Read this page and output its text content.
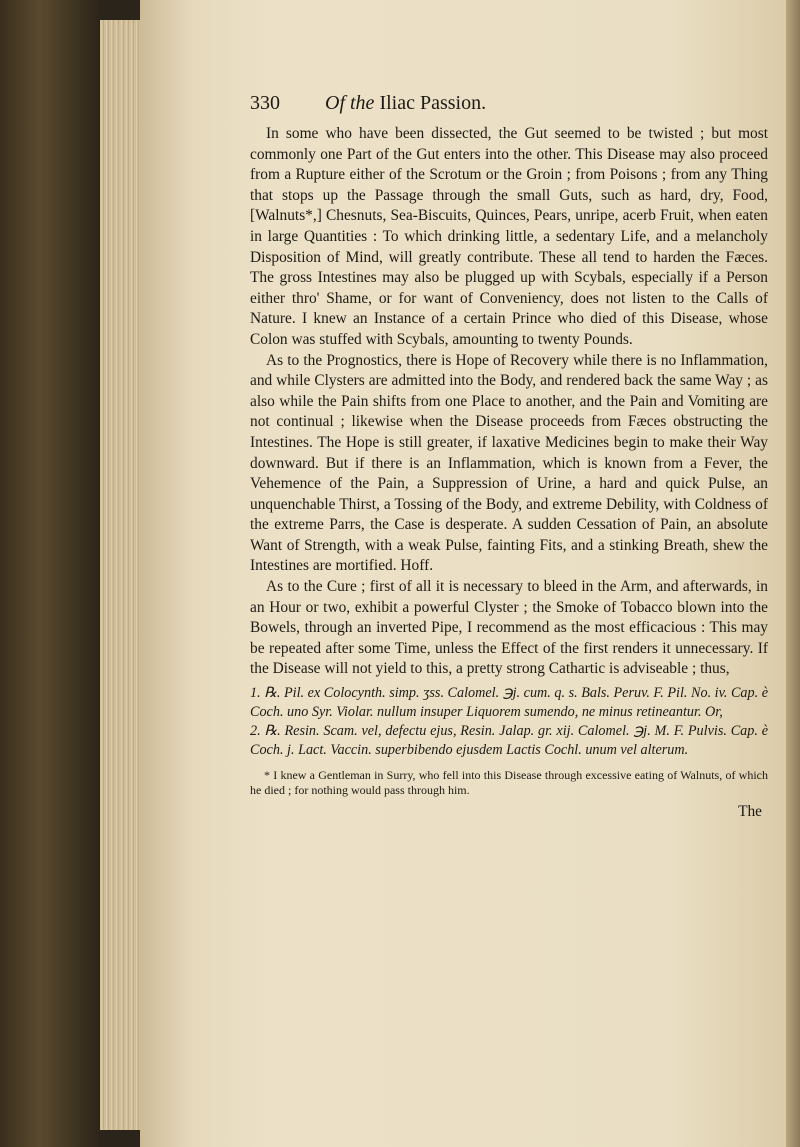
330 Of the Iliac Passion.

In some who have been dissected, the Gut seemed to be twisted ; but most commonly one Part of the Gut enters into the other. This Disease may also proceed from a Rupture either of the Scrotum or the Groin ; from Poisons ; from any Thing that stops up the Passage through the small Guts, such as hard, dry, Food, [Walnuts*,] Chesnuts, Sea-Biscuits, Quinces, Pears, unripe, acerb Fruit, when eaten in large Quantities : To which drinking little, a sedentary Life, and a melancholy Disposition of Mind, will greatly contribute. These all tend to harden the Fæces. The gross Intestines may also be plugged up with Scybals, especially if a Person either thro' Shame, or for want of Conveniency, does not listen to the Calls of Nature. I knew an Instance of a certain Prince who died of this Disease, whose Colon was stuffed with Scybals, amounting to twenty Pounds.

As to the Prognostics, there is Hope of Recovery while there is no Inflammation, and while Clysters are admitted into the Body, and rendered back the same Way ; as also while the Pain shifts from one Place to another, and the Pain and Vomiting are not continual ; likewise when the Disease proceeds from Fæces obstructing the Intestines. The Hope is still greater, if laxative Medicines begin to make their Way downward. But if there is an Inflammation, which is known from a Fever, the Vehemence of the Pain, a Suppression of Urine, a hard and quick Pulse, an unquenchable Thirst, a Tossing of the Body, and extreme Debility, with Coldness of the extreme Parrs, the Case is desperate. A sudden Cessation of Pain, an absolute Want of Strength, with a weak Pulse, fainting Fits, and a stinking Breath, shew the Intestines are mortified. Hoff.

As to the Cure ; first of all it is necessary to bleed in the Arm, and afterwards, in an Hour or two, exhibit a powerful Clyster ; the Smoke of Tobacco blown into the Bowels, through an inverted Pipe, I recommend as the most efficacious : This may be repeated after some Time, unless the Effect of the first renders it unnecessary. If the Disease will not yield to this, a pretty strong Cathartic is adviseable ; thus,

1. ℞. Pil. ex Colocynth. simp. ʒss. Calomel. ℈j. cum. q. s. Bals. Peruv. F. Pil. No. iv. Cap. è Coch. uno Syr. Violar. nullum insuper Liquorem sumendo, ne minus retineantur. Or,
2. ℞. Resin. Scam. vel, defectu ejus, Resin. Jalap. gr. xij. Calomel. ℈j. M. F. Pulvis. Cap. è Coch. j. Lact. Vaccin. superbibendo ejusdem Lactis Cochl. unum vel alterum.
* I knew a Gentleman in Surry, who fell into this Disease through excessive eating of Walnuts, of which he died ; for nothing would pass through him.
The
